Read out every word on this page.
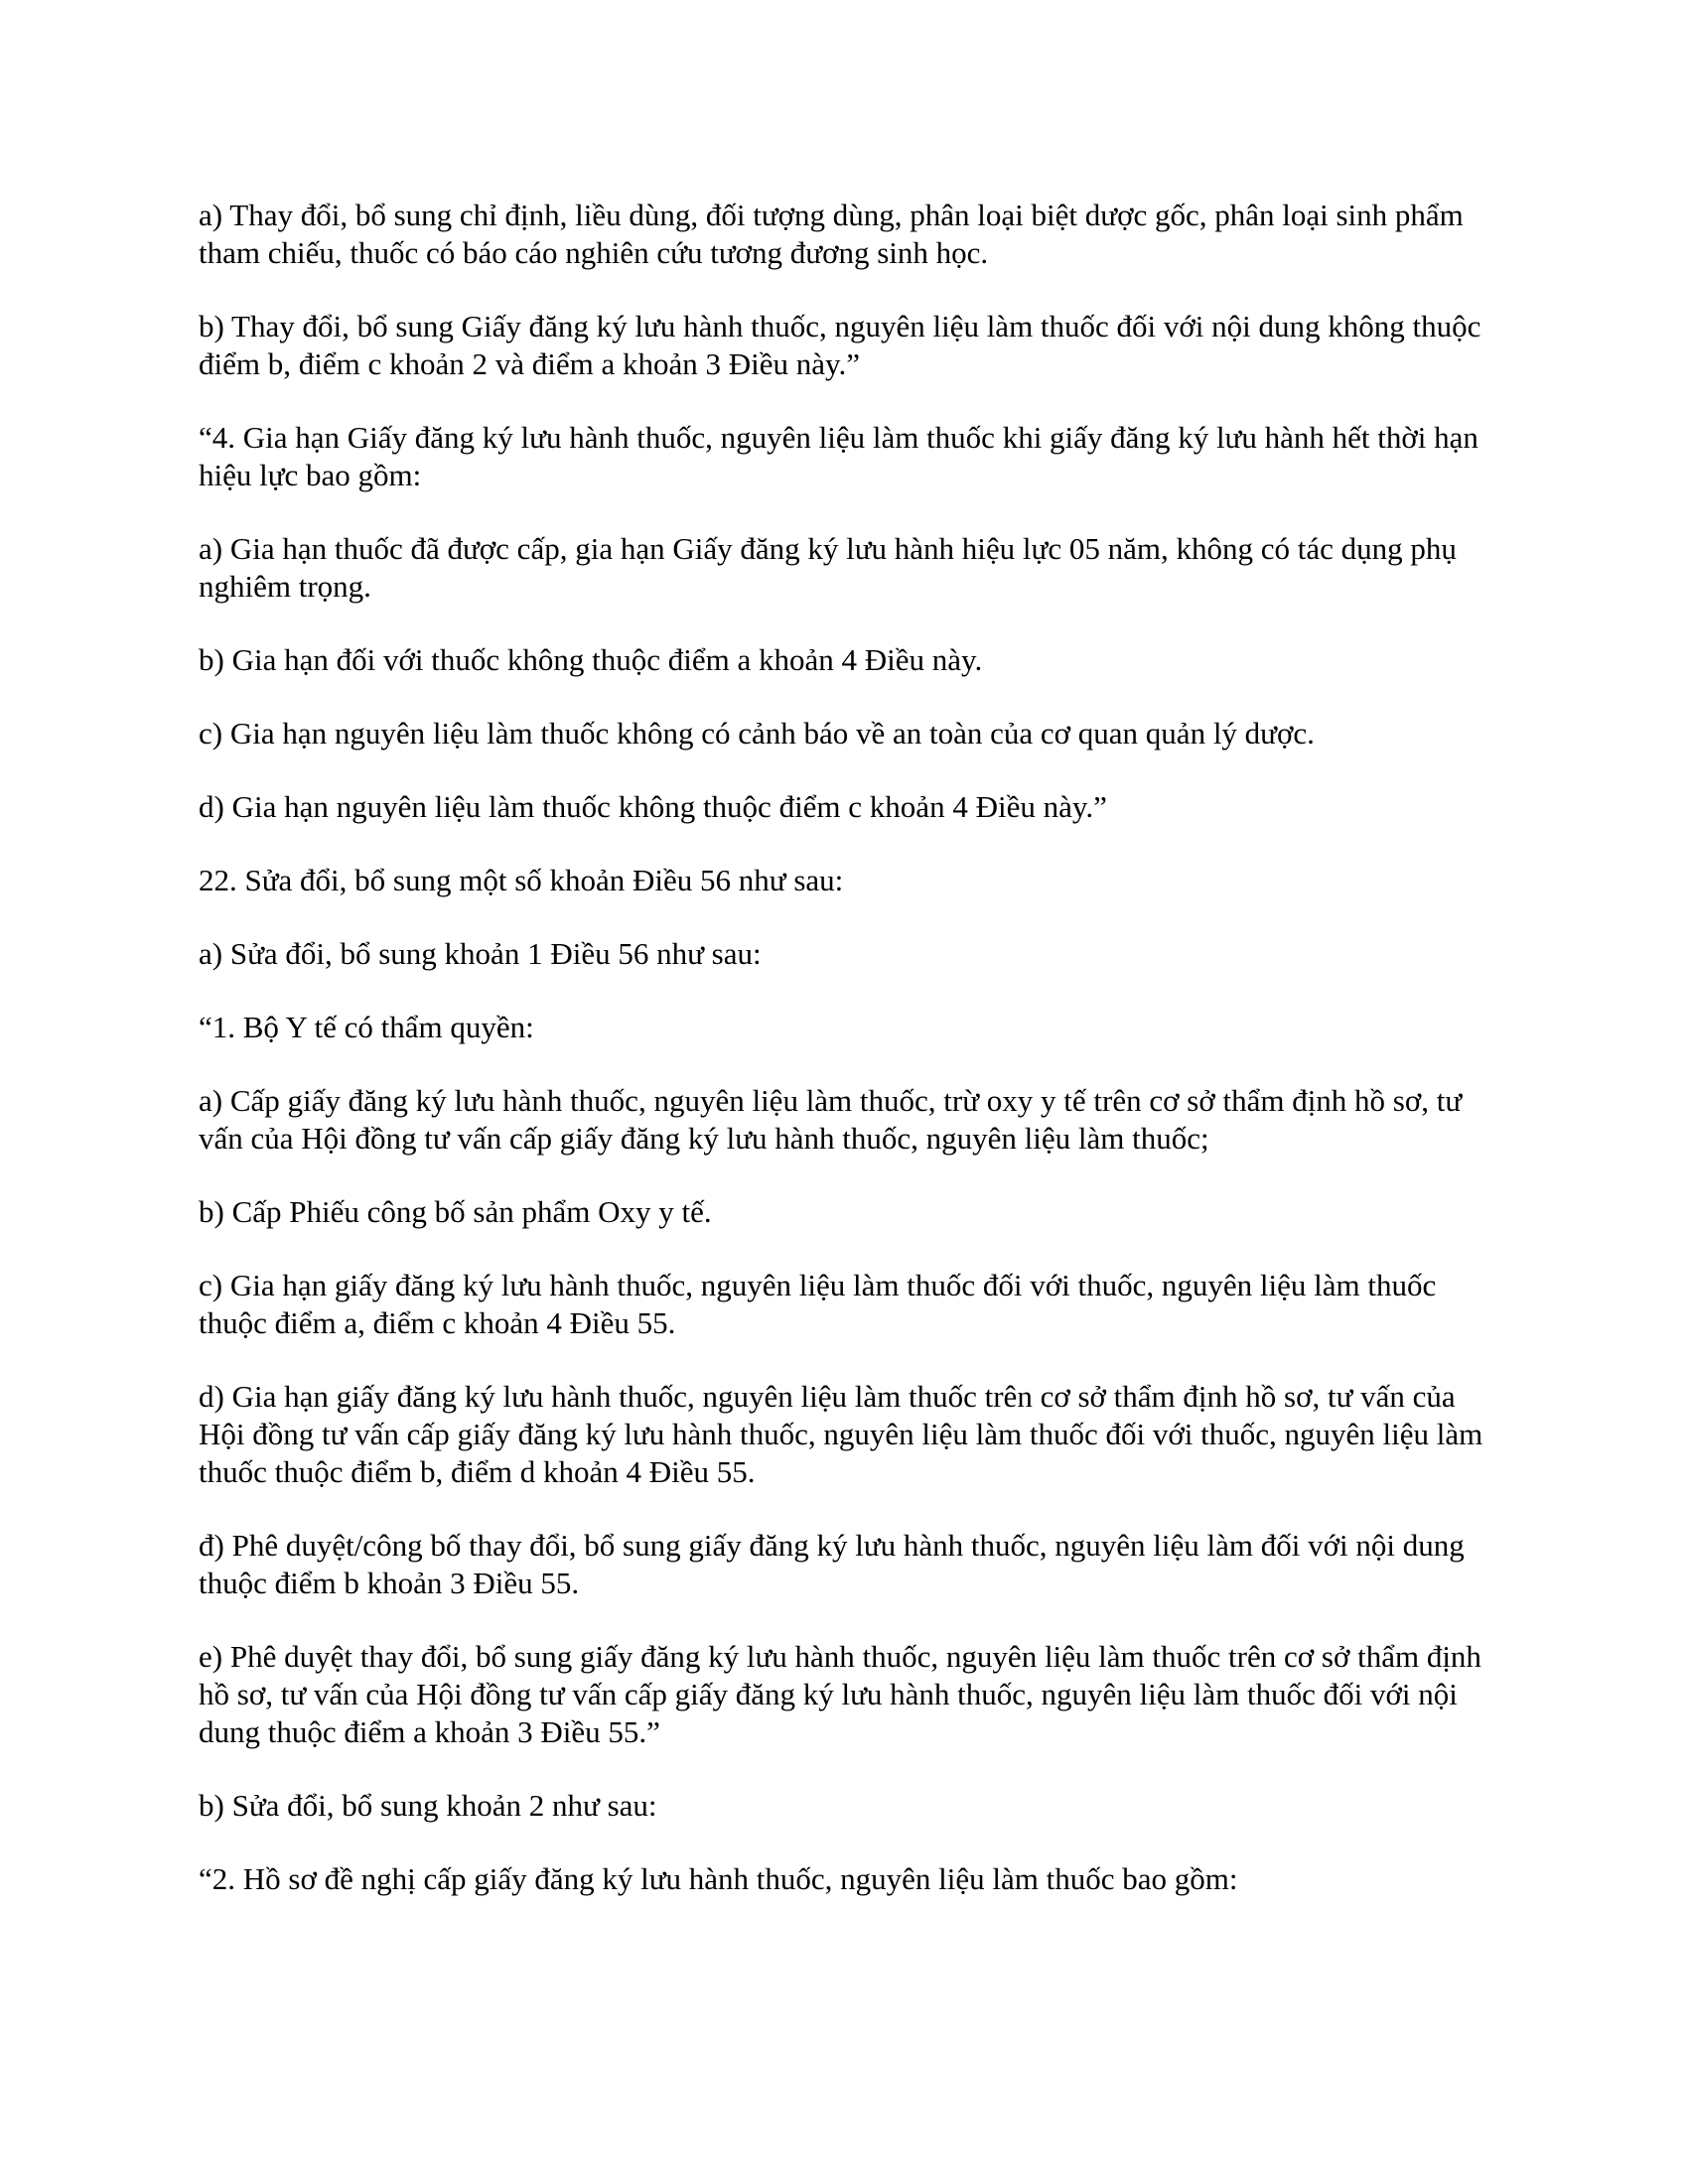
a) Thay đổi, bổ sung chỉ định, liều dùng, đối tượng dùng, phân loại biệt dược gốc, phân loại sinh phẩm tham chiếu, thuốc có báo cáo nghiên cứu tương đương sinh học.

b) Thay đổi, bổ sung Giấy đăng ký lưu hành thuốc, nguyên liệu làm thuốc đối với nội dung không thuộc điểm b, điểm c khoản 2 và điểm a khoản 3 Điều này.”

“4. Gia hạn Giấy đăng ký lưu hành thuốc, nguyên liệu làm thuốc khi giấy đăng ký lưu hành hết thời hạn hiệu lực bao gồm:

a) Gia hạn thuốc đã được cấp, gia hạn Giấy đăng ký lưu hành hiệu lực 05 năm, không có tác dụng phụ nghiêm trọng.

b) Gia hạn đối với thuốc không thuộc điểm a khoản 4 Điều này.

c) Gia hạn nguyên liệu làm thuốc không có cảnh báo về an toàn của cơ quan quản lý dược.

d) Gia hạn nguyên liệu làm thuốc không thuộc điểm c khoản 4 Điều này.”

22. Sửa đổi, bổ sung một số khoản Điều 56 như sau:

a) Sửa đổi, bổ sung khoản 1 Điều 56 như sau:

“1. Bộ Y tế có thẩm quyền:

a) Cấp giấy đăng ký lưu hành thuốc, nguyên liệu làm thuốc, trừ oxy y tế trên cơ sở thẩm định hồ sơ, tư vấn của Hội đồng tư vấn cấp giấy đăng ký lưu hành thuốc, nguyên liệu làm thuốc;

b) Cấp Phiếu công bố sản phẩm Oxy y tế.

c) Gia hạn giấy đăng ký lưu hành thuốc, nguyên liệu làm thuốc đối với thuốc, nguyên liệu làm thuốc thuộc điểm a, điểm c khoản 4 Điều 55.

d) Gia hạn giấy đăng ký lưu hành thuốc, nguyên liệu làm thuốc trên cơ sở thẩm định hồ sơ, tư vấn của Hội đồng tư vấn cấp giấy đăng ký lưu hành thuốc, nguyên liệu làm thuốc đối với thuốc, nguyên liệu làm thuốc thuộc điểm b, điểm d khoản 4 Điều 55.

đ) Phê duyệt/công bố thay đổi, bổ sung giấy đăng ký lưu hành thuốc, nguyên liệu làm đối với nội dung thuộc điểm b khoản 3 Điều 55.

e) Phê duyệt thay đổi, bổ sung giấy đăng ký lưu hành thuốc, nguyên liệu làm thuốc trên cơ sở thẩm định hồ sơ, tư vấn của Hội đồng tư vấn cấp giấy đăng ký lưu hành thuốc, nguyên liệu làm thuốc đối với nội dung thuộc điểm a khoản 3 Điều 55.”

b) Sửa đổi, bổ sung khoản 2 như sau:

“2. Hồ sơ đề nghị cấp giấy đăng ký lưu hành thuốc, nguyên liệu làm thuốc bao gồm:
